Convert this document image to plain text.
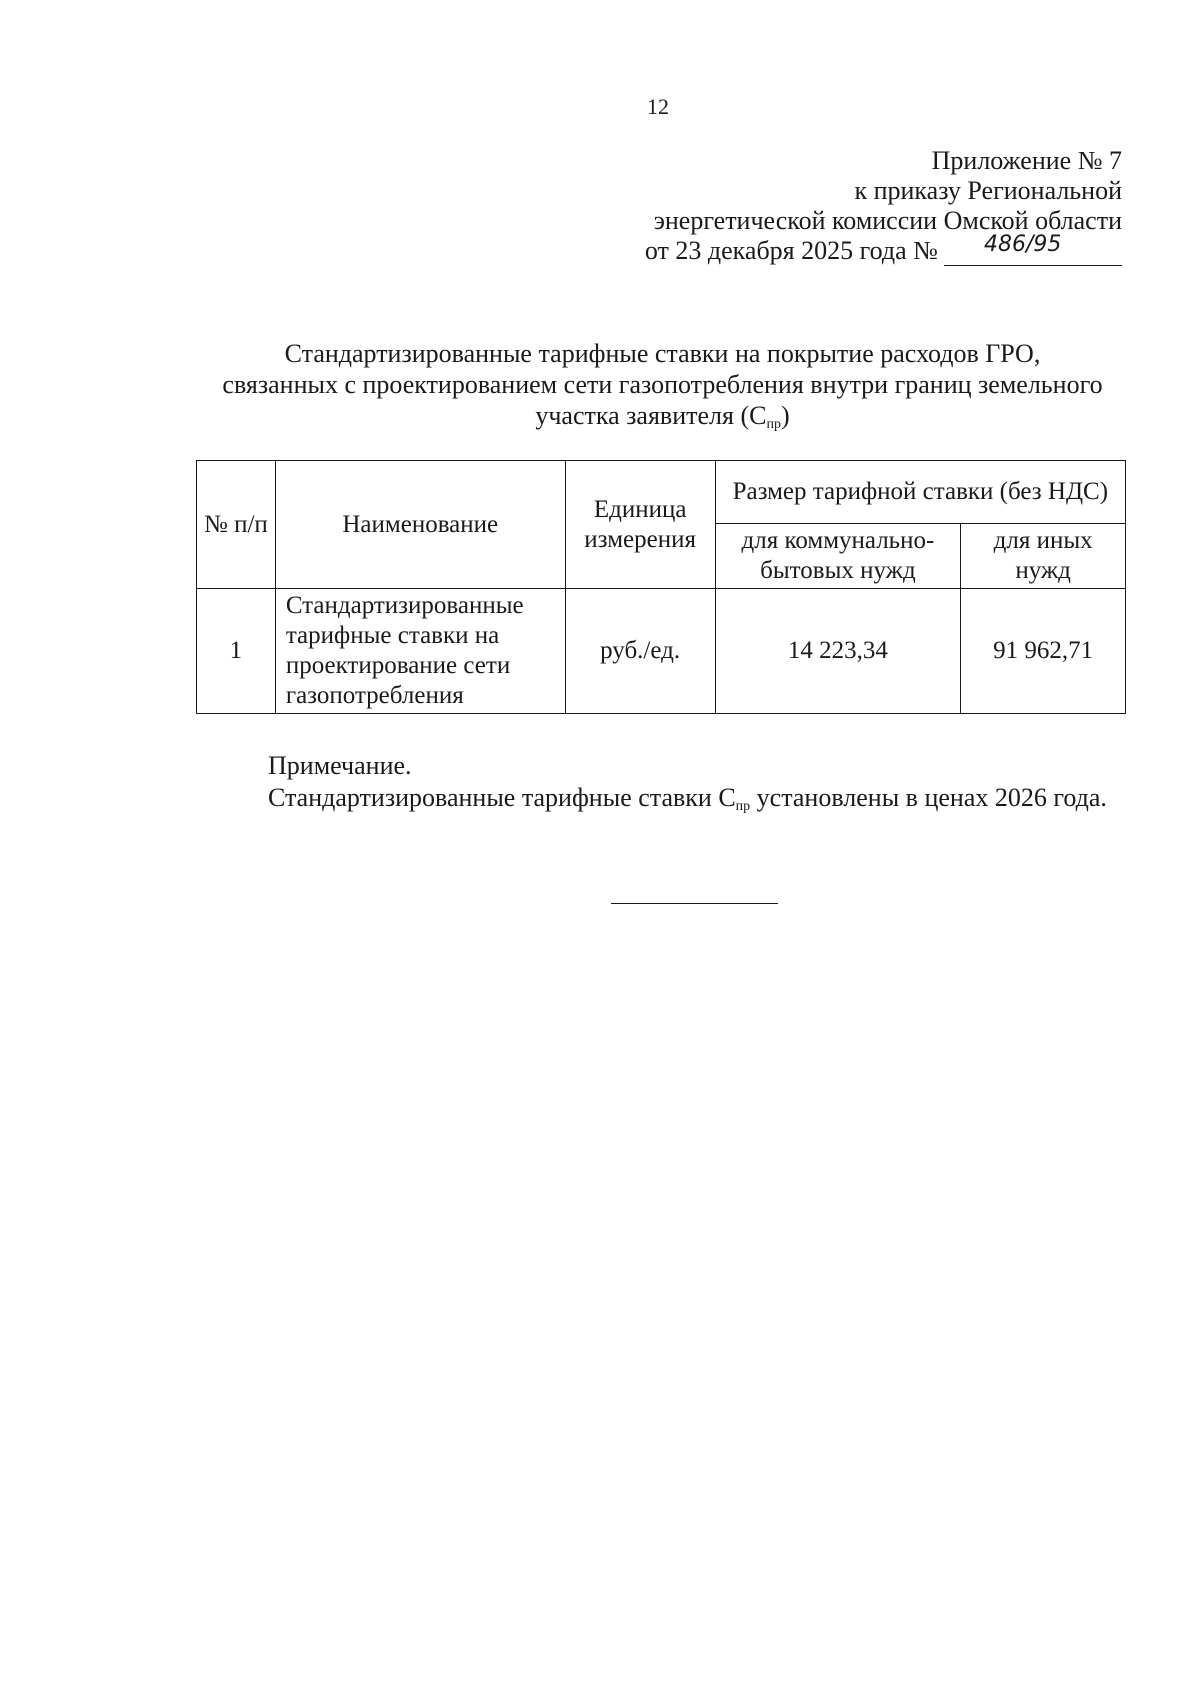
12
Приложение № 7
к приказу Региональной
энергетической комиссии Омской области
от 23 декабря 2025 года № 486/95
Стандартизированные тарифные ставки на покрытие расходов ГРО,
связанных с проектированием сети газопотребления внутри границ земельного
участка заявителя $(С_{пр})$
№ п/п	Наименование	Единица измерения	Размер тарифной ставки (без НДС)	
			для коммунально-бытовых нужд	для иных нужд
1	Стандартизированные тарифные ставки на проектирование сети газопотребления	руб./ед.	14 223,34	91 962,71
Примечание.
Стандартизированные тарифные ставки $С_{пр}$ установлены в ценах 2026 года.
